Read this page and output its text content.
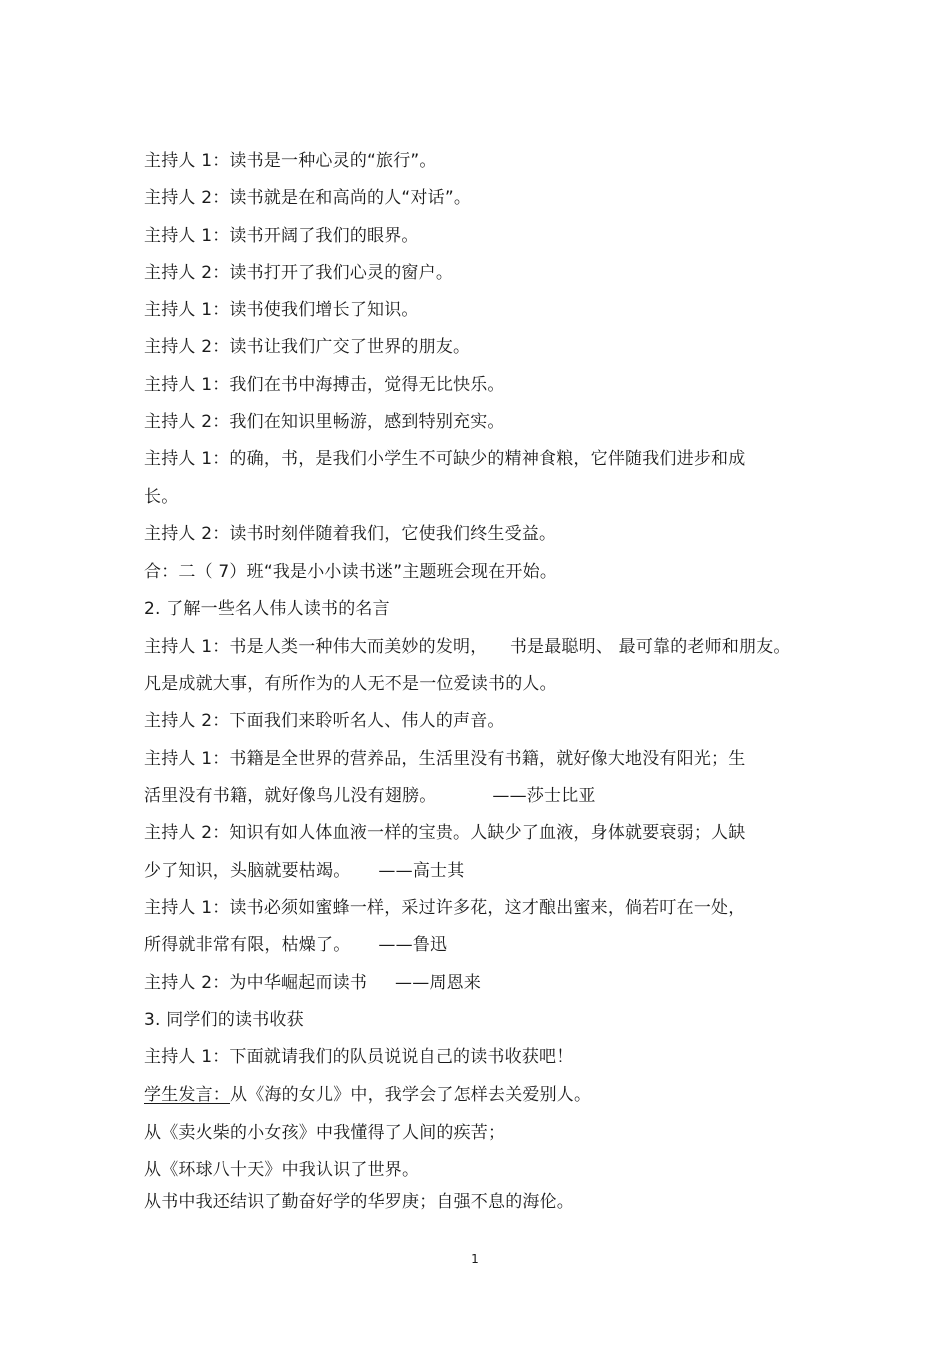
主持人 1：读书是一种心灵的“旅行”。
主持人 2：读书就是在和高尚的人“对话”。
主持人 1：读书开阔了我们的眼界。
主持人 2：读书打开了我们心灵的窗户。
主持人 1：读书使我们增长了知识。
主持人 2：读书让我们广交了世界的朋友。
主持人 1：我们在书中海搏击，觉得无比快乐。
主持人 2：我们在知识里畅游，感到特别充实。
主持人 1：的确，书，是我们小学生不可缺少的精神食粮，它伴随我们进步和成
长。
主持人 2：读书时刻伴随着我们，它使我们终生受益。
合：二（ 7）班“我是小小读书迷”主题班会现在开始。
2. 了解一些名人伟人读书的名言
主持人 1：书是人类一种伟大而美妙的发明，    书是最聪明、 最可靠的老师和朋友。
凡是成就大事，有所作为的人无不是一位爱读书的人。
主持人 2：下面我们来聆听名人、伟人的声音。
主持人 1：书籍是全世界的营养品，生活里没有书籍，就好像大地没有阳光；生
活里没有书籍，就好像鸟儿没有翅膀。          ——莎士比亚
主持人 2：知识有如人体血液一样的宝贵。人缺少了血液，身体就要衰弱；人缺
少了知识，头脑就要枯竭。     ——高士其
主持人 1：读书必须如蜜蜂一样，采过许多花，这才酿出蜜来，倘若叮在一处，
所得就非常有限，枯燥了。     ——鲁迅
主持人 2：为中华崛起而读书     ——周恩来
3. 同学们的读书收获
主持人 1：下面就请我们的队员说说自己的读书收获吧！
学生发言：从《海的女儿》中，我学会了怎样去关爱别人。
从《卖火柴的小女孩》中我懂得了人间的疾苦；
从《环球八十天》中我认识了世界。
从书中我还结识了勤奋好学的华罗庚；自强不息的海伦。
1
